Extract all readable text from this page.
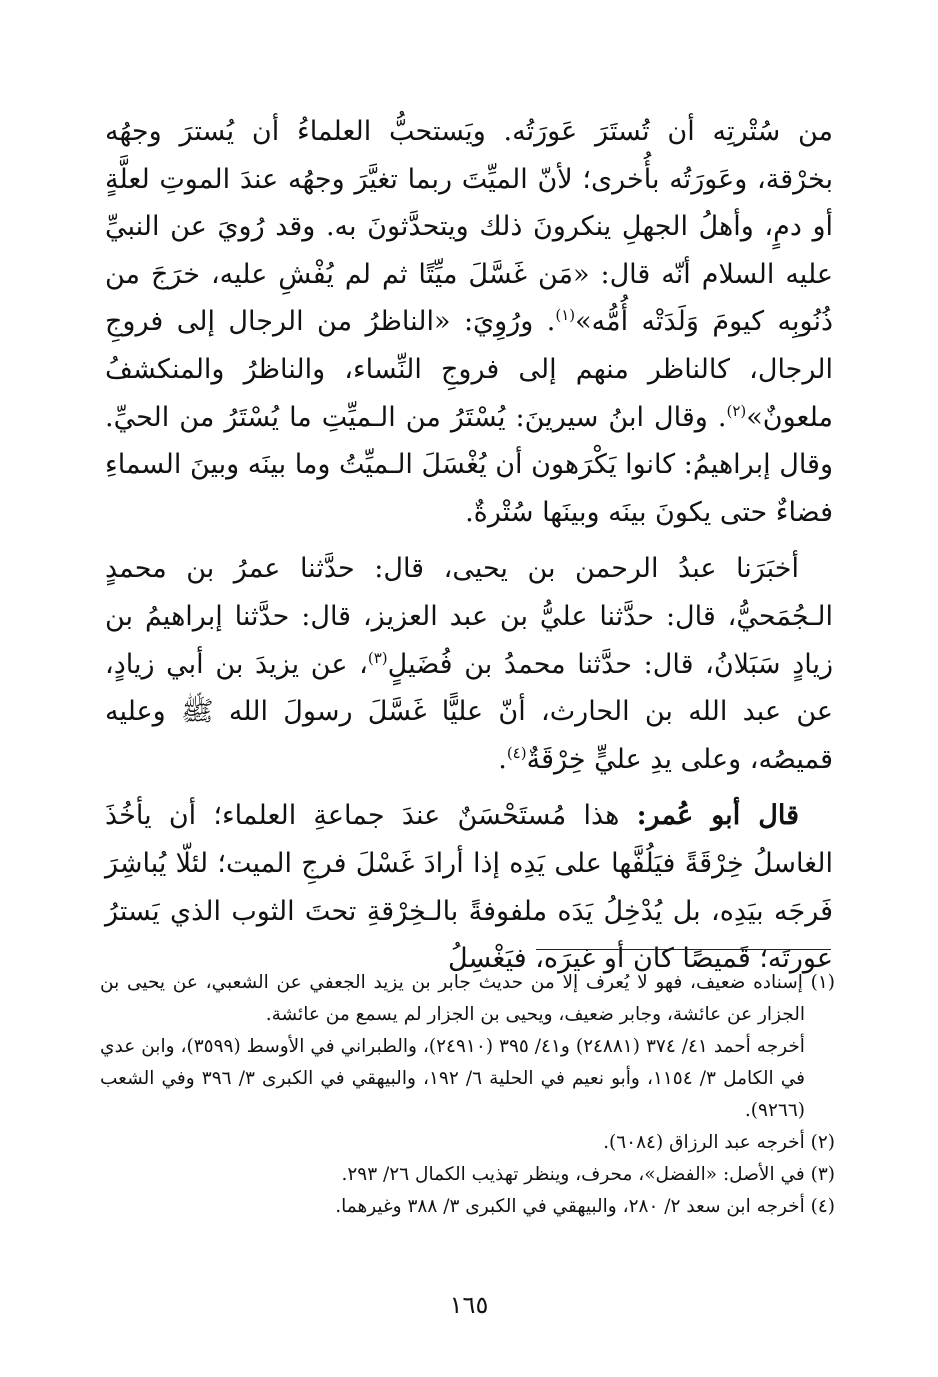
من سُتْرتِه أن تُستَرَ عَورَتُه. ويَستحبُّ العلماءُ أن يُسترَ وجهُه بخرْقة، وعَورَتُه بأُخرى؛ لأنّ الميِّتَ ربما تغيَّرَ وجهُه عندَ الموتِ لعلَّةٍ أو دمٍ، وأهلُ الجهلِ ينكرونَ ذلك ويتحدَّثونَ به. وقد رُويَ عن النبيِّ عليه السلام أنّه قال: «مَن غَسَّلَ ميِّتًا ثم لم يُفْشِ عليه، خرَجَ من ذُنُوبِه كيومَ وَلَدَتْه أُمُّه»$^{(١)}$. ورُوِيَ: «الناظرُ من الرجال إلى فروجِ الرجال، كالناظر منهم إلى فروجِ النِّساء، والناظرُ والمنكشفُ ملعونٌ»$^{(٢)}$. وقال ابنُ سيرينَ: يُسْتَرُ من الـميِّتِ ما يُسْتَرُ من الحيِّ. وقال إبراهيمُ: كانوا يَكْرَهون أن يُغْسَلَ الـميِّتُ وما بينَه وبينَ السماءِ فضاءٌ حتى يكونَ بينَه وبينَها سُتْرةٌ.

أخبَرَنا عبدُ الرحمن بن يحيى، قال: حدَّثنا عمرُ بن محمدٍ الـجُمَحيُّ، قال: حدَّثنا عليُّ بن عبد العزيز، قال: حدَّثنا إبراهيمُ بن زيادٍ سَبَلانُ، قال: حدَّثنا محمدُ بن فُضَيلٍ$^{(٣)}$، عن يزيدَ بن أبي زيادٍ، عن عبد الله بن الحارث، أنّ عليًّا غَسَّلَ رسولَ الله ﷺ وعليه قميصُه، وعلى يدِ عليٍّ خِرْقَةٌ$^{(٤)}$.

قال أبو عُمر: هذا مُستَحْسَنٌ عندَ جماعةِ العلماء؛ أن يأخُذَ الغاسلُ خِرْقَةً فيَلُفَّها على يَدِه إذا أرادَ غَسْلَ فرجِ الميت؛ لئلّا يُباشِرَ فَرجَه بيَدِه، بل يُدْخِلُ يَدَه ملفوفةً بالـخِرْقةِ تحتَ الثوب الذي يَسترُ عورتَه؛ قَميصًا كان أو غيرَه، فيَغْسِلُ

(١) إسناده ضعيف، فهو لا يُعرف إلا من حديث جابر بن يزيد الجعفي عن الشعبي، عن يحيى بن الجزار عن عائشة، وجابر ضعيف، ويحيى بن الجزار لم يسمع من عائشة.

أخرجه أحمد ٤١/ ٣٧٤ (٢٤٨٨١) و٤١/ ٣٩٥ (٢٤٩١٠)، والطبراني في الأوسط (٣٥٩٩)، وابن عدي في الكامل ٣/ ١١٥٤، وأبو نعيم في الحلية ٦/ ١٩٢، والبيهقي في الكبرى ٣/ ٣٩٦ وفي الشعب (٩٢٦٦).

(٢) أخرجه عبد الرزاق (٦٠٨٤).

(٣) في الأصل: «الفضل»، محرف، وينظر تهذيب الكمال ٢٦/ ٢٩٣.

(٤) أخرجه ابن سعد ٢/ ٢٨٠، والبيهقي في الكبرى ٣/ ٣٨٨ وغيرهما.

١٦٥
